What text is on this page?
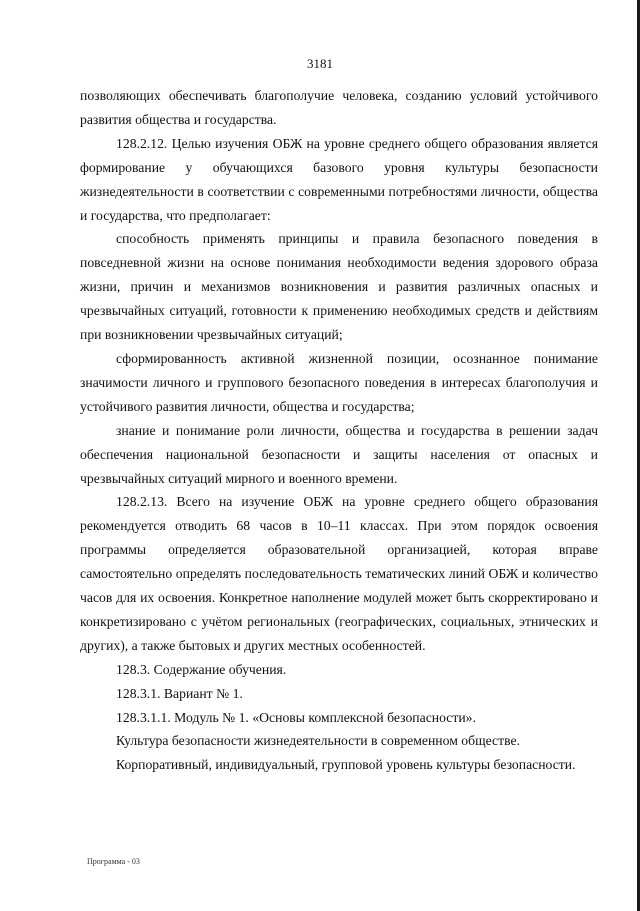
3181

позволяющих обеспечивать благополучие человека, созданию условий устойчивого развития общества и государства.

128.2.12. Целью изучения ОБЖ на уровне среднего общего образования является формирование у обучающихся базового уровня культуры безопасности жизнедеятельности в соответствии с современными потребностями личности, общества и государства, что предполагает:

способность применять принципы и правила безопасного поведения в повседневной жизни на основе понимания необходимости ведения здорового образа жизни, причин и механизмов возникновения и развития различных опасных и чрезвычайных ситуаций, готовности к применению необходимых средств и действиям при возникновении чрезвычайных ситуаций;

сформированность активной жизненной позиции, осознанное понимание значимости личного и группового безопасного поведения в интересах благополучия и устойчивого развития личности, общества и государства;

знание и понимание роли личности, общества и государства в решении задач обеспечения национальной безопасности и защиты населения от опасных и чрезвычайных ситуаций мирного и военного времени.

128.2.13. Всего на изучение ОБЖ на уровне среднего общего образования рекомендуется отводить 68 часов в 10–11 классах. При этом порядок освоения программы определяется образовательной организацией, которая вправе самостоятельно определять последовательность тематических линий ОБЖ и количество часов для их освоения. Конкретное наполнение модулей может быть скорректировано и конкретизировано с учётом региональных (географических, социальных, этнических и других), а также бытовых и других местных особенностей.

128.3. Содержание обучения.

128.3.1. Вариант № 1.

128.3.1.1. Модуль № 1. «Основы комплексной безопасности».

Культура безопасности жизнедеятельности в современном обществе.

Корпоративный, индивидуальный, групповой уровень культуры безопасности.

Программа - 03
